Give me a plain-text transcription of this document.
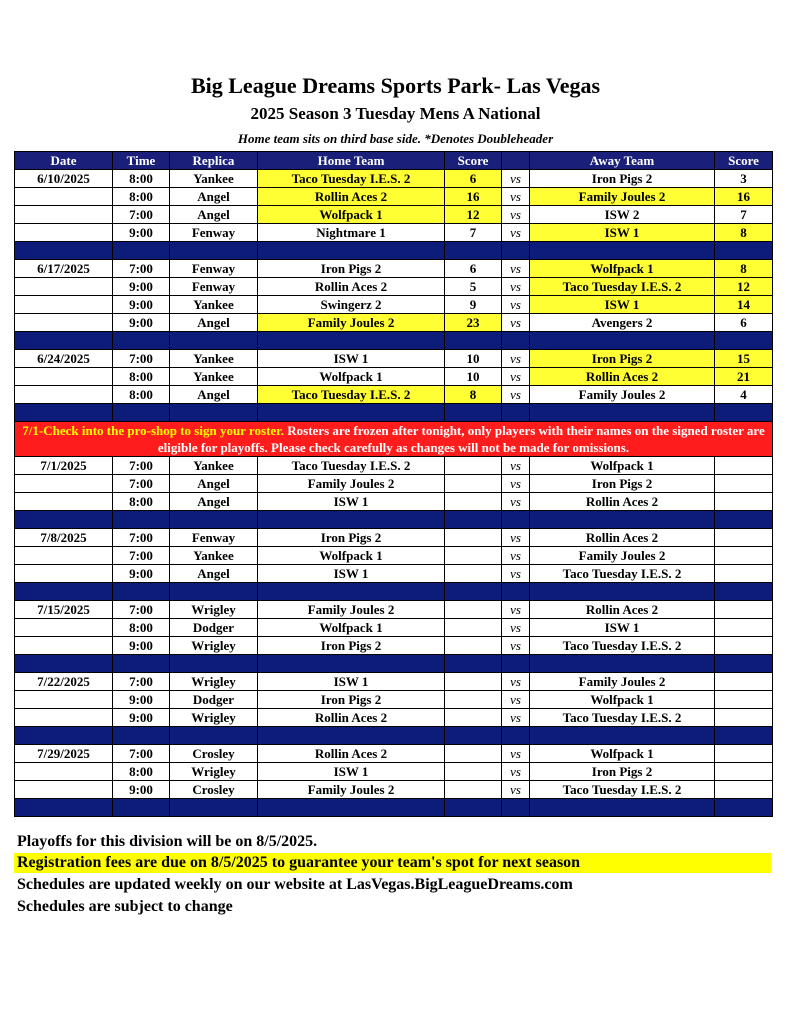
Big League Dreams Sports Park- Las Vegas
2025 Season 3 Tuesday Mens A National
Home team sits on third base side. *Denotes Doubleheader
Date	Time	Replica	Home Team	Score		Away Team	Score
6/10/2025	8:00	Yankee	Taco Tuesday I.E.S. 2	6	vs	Iron Pigs 2	3
	8:00	Angel	Rollin Aces 2	16	vs	Family Joules 2	16
	7:00	Angel	Wolfpack 1	12	vs	ISW 2	7
	9:00	Fenway	Nightmare 1	7	vs	ISW 1	8

6/17/2025	7:00	Fenway	Iron Pigs 2	6	vs	Wolfpack 1	8
	9:00	Fenway	Rollin Aces 2	5	vs	Taco Tuesday I.E.S. 2	12
	9:00	Yankee	Swingerz 2	9	vs	ISW 1	14
	9:00	Angel	Family Joules 2	23	vs	Avengers 2	6

6/24/2025	7:00	Yankee	ISW 1	10	vs	Iron Pigs 2	15
	8:00	Yankee	Wolfpack 1	10	vs	Rollin Aces 2	21
	8:00	Angel	Taco Tuesday I.E.S. 2	8	vs	Family Joules 2	4

7/1-Check into the pro-shop to sign your roster. Rosters are frozen after tonight, only players with their names on the signed roster are eligible for playoffs. Please check carefully as changes will not be made for omissions.							
7/1/2025	7:00	Yankee	Taco Tuesday I.E.S. 2		vs	Wolfpack 1	
	7:00	Angel	Family Joules 2		vs	Iron Pigs 2	
	8:00	Angel	ISW 1		vs	Rollin Aces 2	

7/8/2025	7:00	Fenway	Iron Pigs 2		vs	Rollin Aces 2	
	7:00	Yankee	Wolfpack 1		vs	Family Joules 2	
	9:00	Angel	ISW 1		vs	Taco Tuesday I.E.S. 2	

7/15/2025	7:00	Wrigley	Family Joules 2		vs	Rollin Aces 2	
	8:00	Dodger	Wolfpack 1		vs	ISW 1	
	9:00	Wrigley	Iron Pigs 2		vs	Taco Tuesday I.E.S. 2	

7/22/2025	7:00	Wrigley	ISW 1		vs	Family Joules 2	
	9:00	Dodger	Iron Pigs 2		vs	Wolfpack 1	
	9:00	Wrigley	Rollin Aces 2		vs	Taco Tuesday I.E.S. 2	

7/29/2025	7:00	Crosley	Rollin Aces 2		vs	Wolfpack 1	
	8:00	Wrigley	ISW 1		vs	Iron Pigs 2	
	9:00	Crosley	Family Joules 2		vs	Taco Tuesday I.E.S. 2	

Playoffs for this division will be on 8/5/2025.
Registration fees are due on 8/5/2025 to guarantee your team's spot for next season
Schedules are updated weekly on our website at LasVegas.BigLeagueDreams.com
Schedules are subject to change
